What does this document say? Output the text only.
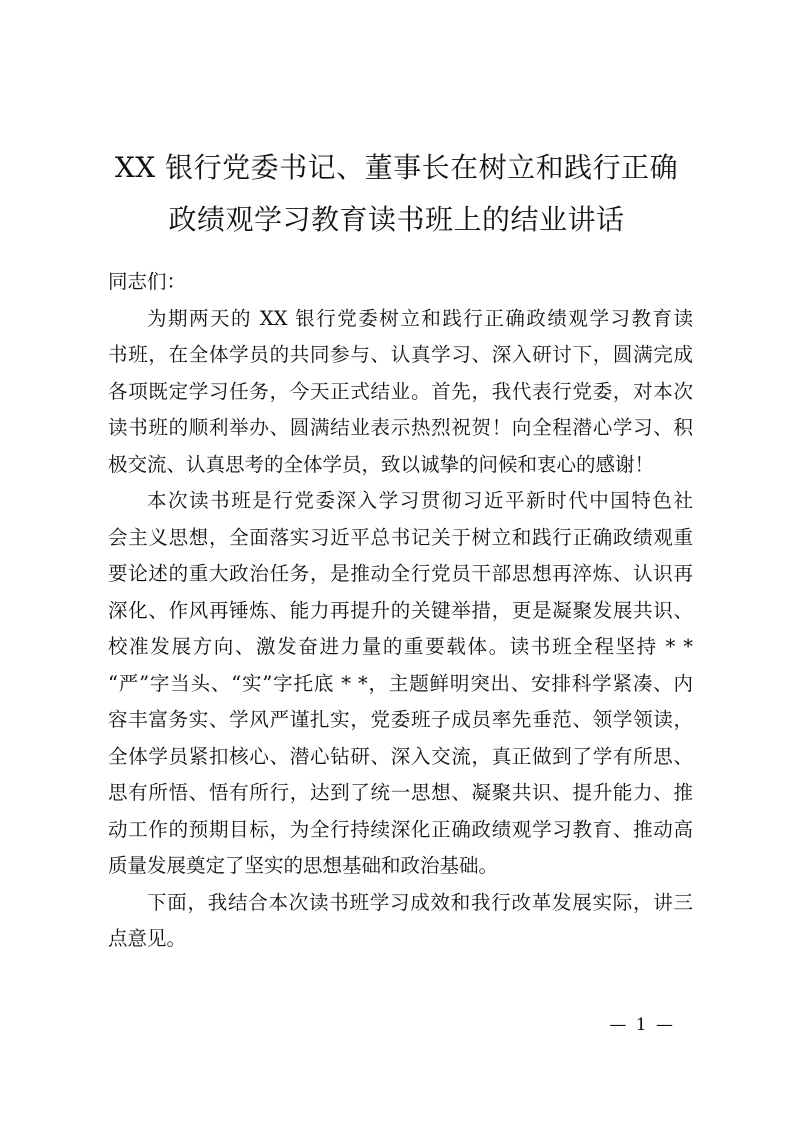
XX 银行党委书记、董事长在树立和践行正确
政绩观学习教育读书班上的结业讲话
同志们：
为期两天的 XX 银行党委树立和践行正确政绩观学习教育读
书班，在全体学员的共同参与、认真学习、深入研讨下，圆满完成
各项既定学习任务，今天正式结业。首先，我代表行党委，对本次
读书班的顺利举办、圆满结业表示热烈祝贺！向全程潜心学习、积
极交流、认真思考的全体学员，致以诚挚的问候和衷心的感谢！
本次读书班是行党委深入学习贯彻习近平新时代中国特色社
会主义思想，全面落实习近平总书记关于树立和践行正确政绩观重
要论述的重大政治任务，是推动全行党员干部思想再淬炼、认识再
深化、作风再锤炼、能力再提升的关键举措，更是凝聚发展共识、
校准发展方向、激发奋进力量的重要载体。读书班全程坚持 * *
“严”字当头、“实”字托底 * *，主题鲜明突出、安排科学紧凑、内
容丰富务实、学风严谨扎实，党委班子成员率先垂范、领学领读，
全体学员紧扣核心、潜心钻研、深入交流，真正做到了学有所思、
思有所悟、悟有所行，达到了统一思想、凝聚共识、提升能力、推
动工作的预期目标，为全行持续深化正确政绩观学习教育、推动高
质量发展奠定了坚实的思想基础和政治基础。
下面，我结合本次读书班学习成效和我行改革发展实际，讲三
点意见。
— 1 —
